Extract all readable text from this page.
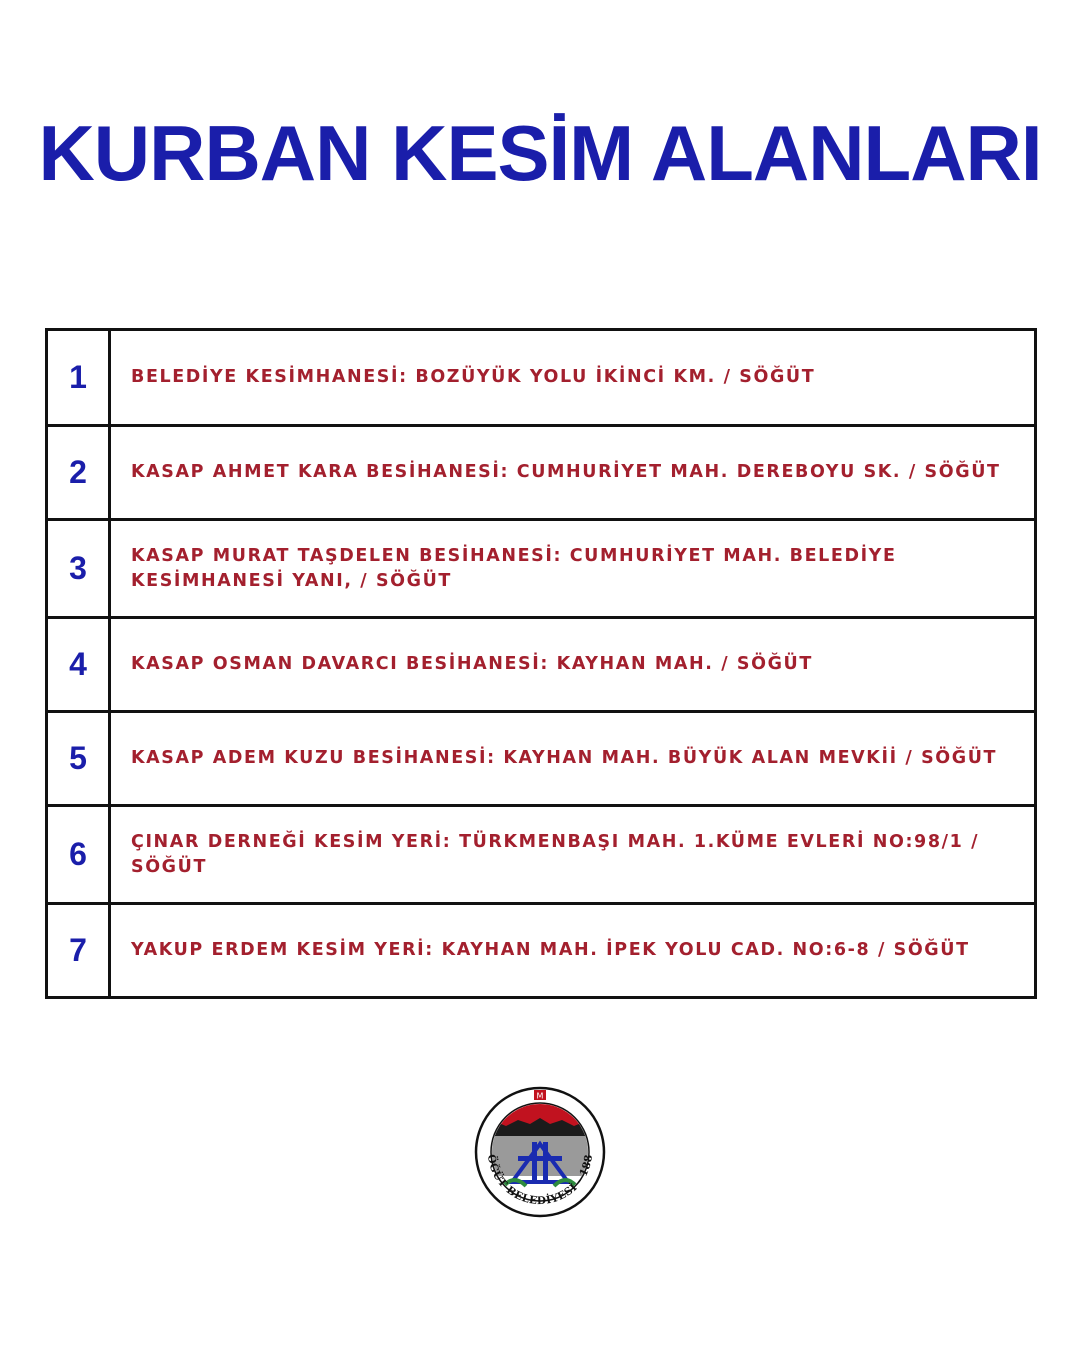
KURBAN KESİM ALANLARI
1	BELEDİYE KESİMHANESİ: BOZÜYÜK YOLU İKİNCİ KM. / SÖĞÜT
2	KASAP AHMET KARA BESİHANESİ: CUMHURİYET MAH. DEREBOYU SK. / SÖĞÜT
3	KASAP MURAT TAŞDELEN BESİHANESİ: CUMHURİYET MAH. BELEDİYE KESİMHANESİ YANI, / SÖĞÜT
4	KASAP OSMAN DAVARCI BESİHANESİ: KAYHAN MAH. / SÖĞÜT
5	KASAP ADEM KUZU BESİHANESİ: KAYHAN MAH. BÜYÜK ALAN MEVKİİ / SÖĞÜT
6	ÇINAR DERNEĞİ KESİM YERİ: TÜRKMENBAŞI MAH. 1.KÜME EVLERİ NO:98/1 / SÖĞÜT
7	YAKUP ERDEM KESİM YERİ: KAYHAN MAH. İPEK YOLU CAD. NO:6-8 / SÖĞÜT
M
ÖĞÜT BELEDİYESİ - 188
